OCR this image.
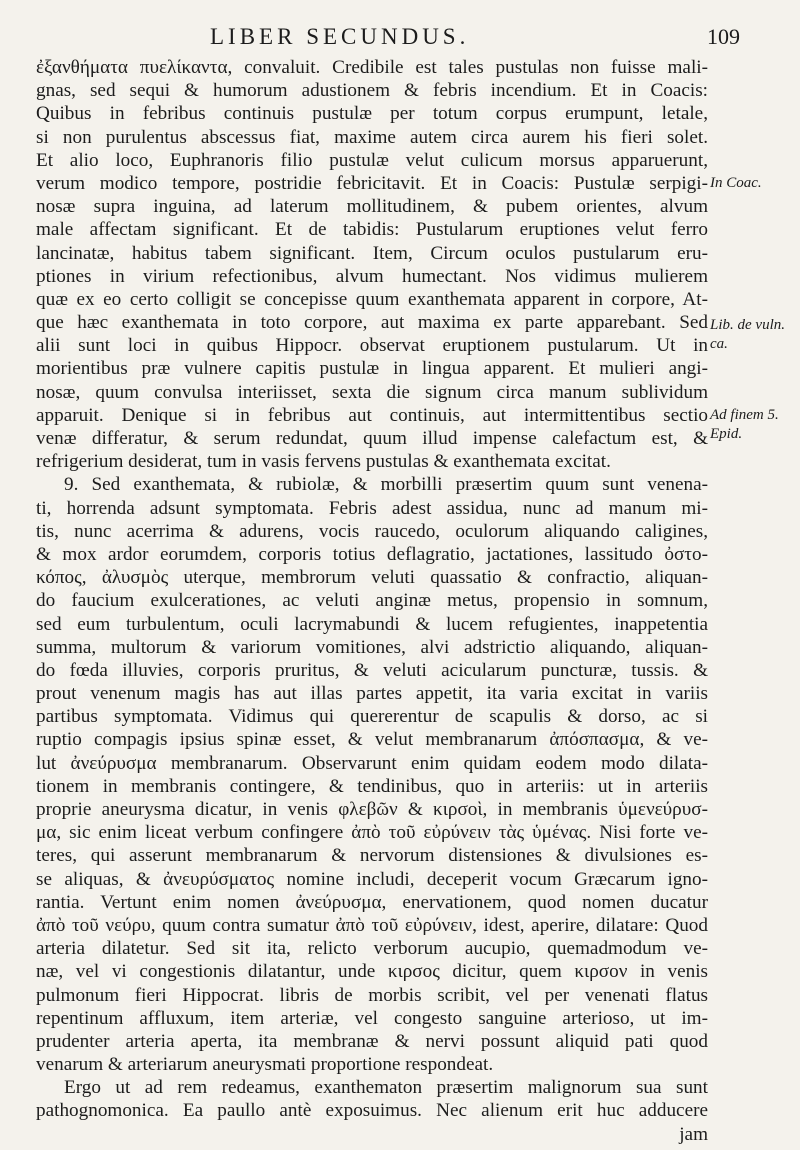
LIBER SECUNDUS.	109
In Coac.
Lib. de vuln. ca.
Ad finem 5. Epid.
ἐξανθήματα πυελίκαντα, convaluit. Credibile est tales pustulas non fuisse mali-
gnas, sed sequi & humorum adustionem & febris incendium. Et in Coacis:
Quibus in febribus continuis pustulæ per totum corpus erumpunt, letale,
si non purulentus abscessus fiat, maxime autem circa aurem his fieri solet.
Et alio loco, Euphranoris filio pustulæ velut culicum morsus apparuerunt,
verum modico tempore, postridie febricitavit. Et in Coacis: Pustulæ serpigi-
nosæ supra inguina, ad laterum mollitudinem, & pubem orientes, alvum
male affectam significant. Et de tabidis: Pustularum eruptiones velut ferro
lancinatæ, habitus tabem significant. Item, Circum oculos pustularum eru-
ptiones in virium refectionibus, alvum humectant. Nos vidimus mulierem
quæ ex eo certo colligit se concepisse quum exanthemata apparent in corpore, At-
que hæc exanthemata in toto corpore, aut maxima ex parte apparebant. Sed
alii sunt loci in quibus Hippocr. observat eruptionem pustularum. Ut in
morientibus præ vulnere capitis pustulæ in lingua apparent. Et mulieri angi-
nosæ, quum convulsa interiisset, sexta die signum circa manum sublividum
apparuit. Denique si in febribus aut continuis, aut intermittentibus sectio
venæ differatur, & serum redundat, quum illud impense calefactum est, &
refrigerium desiderat, tum in vasis fervens pustulas & exanthemata excitat.
9. Sed exanthemata, & rubiolæ, & morbilli præsertim quum sunt venena-
ti, horrenda adsunt symptomata. Febris adest assidua, nunc ad manum mi-
tis, nunc acerrima & adurens, vocis raucedo, oculorum aliquando caligines,
& mox ardor eorumdem, corporis totius deflagratio, jactationes, lassitudo ὀστο-
κόπος, ἀλυσμὸς uterque, membrorum veluti quassatio & confractio, aliquan-
do faucium exulcerationes, ac veluti anginæ metus, propensio in somnum,
sed eum turbulentum, oculi lacrymabundi & lucem refugientes, inappetentia
summa, multorum & variorum vomitiones, alvi adstrictio aliquando, aliquan-
do fœda illuvies, corporis pruritus, & veluti acicularum puncturæ, tussis. &
prout venenum magis has aut illas partes appetit, ita varia excitat in variis
partibus symptomata. Vidimus qui quererentur de scapulis & dorso, ac si
ruptio compagis ipsius spinæ esset, & velut membranarum ἀπόσπασμα, & ve-
lut ἀνεύρυσμα membranarum. Observarunt enim quidam eodem modo dilata-
tionem in membranis contingere, & tendinibus, quo in arteriis: ut in arteriis
proprie aneurysma dicatur, in venis φλεβῶν & κιρσοὶ, in membranis ὑμενεύρυσ-
μα, sic enim liceat verbum confingere ἀπὸ τοῦ εὐρύνειν τὰς ὑμένας. Nisi forte ve-
teres, qui asserunt membranarum & nervorum distensiones & divulsiones es-
se aliquas, & ἀνευρύσματος nomine includi, deceperit vocum Græcarum igno-
rantia. Vertunt enim nomen ἀνεύρυσμα, enervationem, quod nomen ducatur
ἀπὸ τοῦ νεύρυ, quum contra sumatur ἀπὸ τοῦ εὐρύνειν, idest, aperire, dilatare: Quod
arteria dilatetur. Sed sit ita, relicto verborum aucupio, quemadmodum ve-
næ, vel vi congestionis dilatantur, unde κιρσος dicitur, quem κιρσον in venis
pulmonum fieri Hippocrat. libris de morbis scribit, vel per venenati flatus
repentinum affluxum, item arteriæ, vel congesto sanguine arterioso, ut im-
prudenter arteria aperta, ita membranæ & nervi possunt aliquid pati quod
venarum & arteriarum aneurysmati proportione respondeat.
Ergo ut ad rem redeamus, exanthematon præsertim malignorum sua sunt
pathognomonica. Ea paullo antè exposuimus. Nec alienum erit huc adducere
jam
